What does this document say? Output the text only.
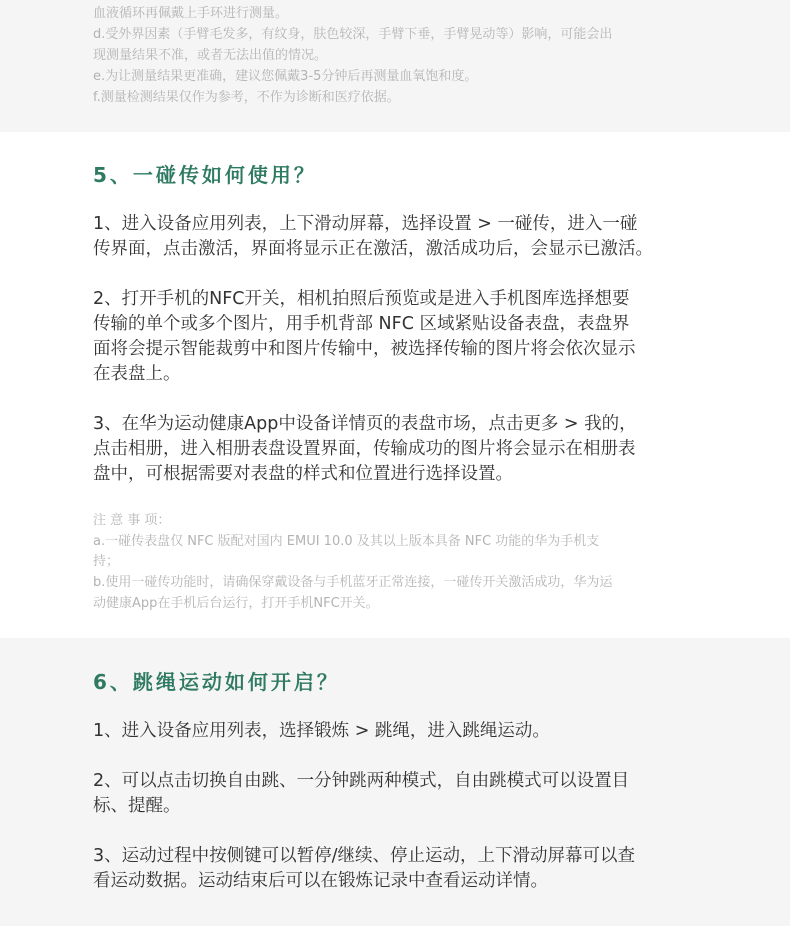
血液循环再佩戴上手环进行测量。
d.受外界因素（手臂毛发多，有纹身，肤色较深，手臂下垂，手臂晃动等）影响，可能会出
现测量结果不准，或者无法出值的情况。
e.为让测量结果更准确，建议您佩戴3-5分钟后再测量血氧饱和度。
f.测量检测结果仅作为参考，不作为诊断和医疗依据。
5、一碰传如何使用？
1、进入设备应用列表，上下滑动屏幕，选择设置 > 一碰传，进入一碰
传界面，点击激活，界面将显示正在激活，激活成功后，会显示已激活。
2、打开手机的NFC开关，相机拍照后预览或是进入手机图库选择想要
传输的单个或多个图片，用手机背部 NFC 区域紧贴设备表盘，表盘界
面将会提示智能裁剪中和图片传输中，被选择传输的图片将会依次显示
在表盘上。
3、在华为运动健康App中设备详情页的表盘市场，点击更多 > 我的，
点击相册，进入相册表盘设置界面，传输成功的图片将会显示在相册表
盘中，可根据需要对表盘的样式和位置进行选择设置。
注 意 事 项：
a.一碰传表盘仅 NFC 版配对国内 EMUI 10.0 及其以上版本具备 NFC 功能的华为手机支
持；
b.使用一碰传功能时，请确保穿戴设备与手机蓝牙正常连接，一碰传开关激活成功，华为运
动健康App在手机后台运行，打开手机NFC开关。
6、跳绳运动如何开启？
1、进入设备应用列表，选择锻炼 > 跳绳，进入跳绳运动。
2、可以点击切换自由跳、一分钟跳两种模式，自由跳模式可以设置目
标、提醒。
3、运动过程中按侧键可以暂停/继续、停止运动，上下滑动屏幕可以查
看运动数据。运动结束后可以在锻炼记录中查看运动详情。
